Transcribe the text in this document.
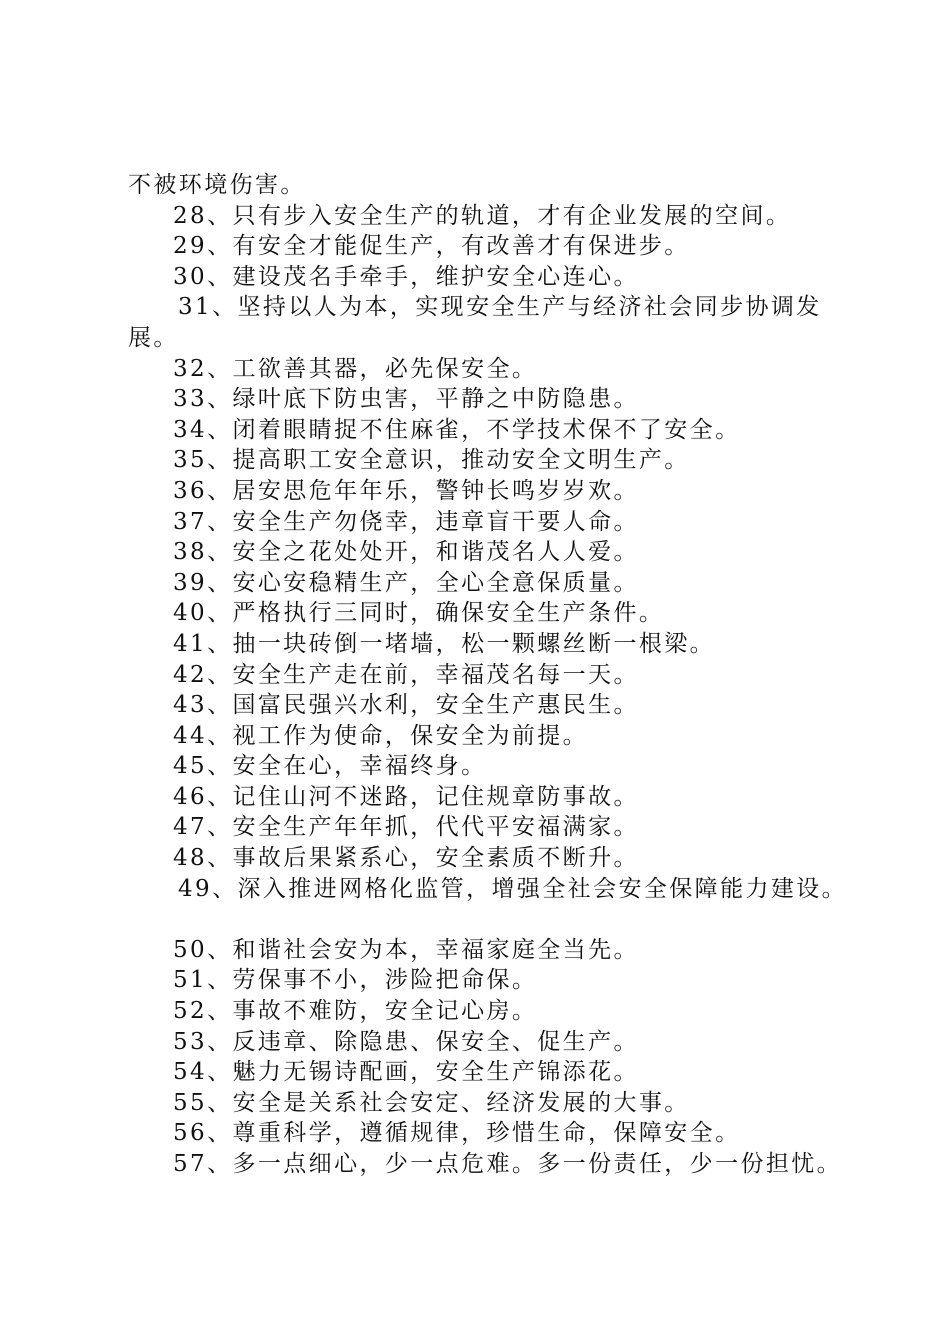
不被环境伤害。
28、只有步入安全生产的轨道，才有企业发展的空间。
29、有安全才能促生产，有改善才有保进步。
30、建设茂名手牵手，维护安全心连心。
31、坚持以人为本，实现安全生产与经济社会同步协调发
展。
32、工欲善其器，必先保安全。
33、绿叶底下防虫害，平静之中防隐患。
34、闭着眼睛捉不住麻雀，不学技术保不了安全。
35、提高职工安全意识，推动安全文明生产。
36、居安思危年年乐，警钟长鸣岁岁欢。
37、安全生产勿侥幸，违章盲干要人命。
38、安全之花处处开，和谐茂名人人爱。
39、安心安稳精生产，全心全意保质量。
40、严格执行三同时，确保安全生产条件。
41、抽一块砖倒一堵墙，松一颗螺丝断一根梁。
42、安全生产走在前，幸福茂名每一天。
43、国富民强兴水利，安全生产惠民生。
44、视工作为使命，保安全为前提。
45、安全在心，幸福终身。
46、记住山河不迷路，记住规章防事故。
47、安全生产年年抓，代代平安福满家。
48、事故后果紧系心，安全素质不断升。
49、深入推进网格化监管，增强全社会安全保障能力建设。
50、和谐社会安为本，幸福家庭全当先。
51、劳保事不小，涉险把命保。
52、事故不难防，安全记心房。
53、反违章、除隐患、保安全、促生产。
54、魅力无锡诗配画，安全生产锦添花。
55、安全是关系社会安定、经济发展的大事。
56、尊重科学，遵循规律，珍惜生命，保障安全。
57、多一点细心，少一点危难。多一份责任，少一份担忧。
